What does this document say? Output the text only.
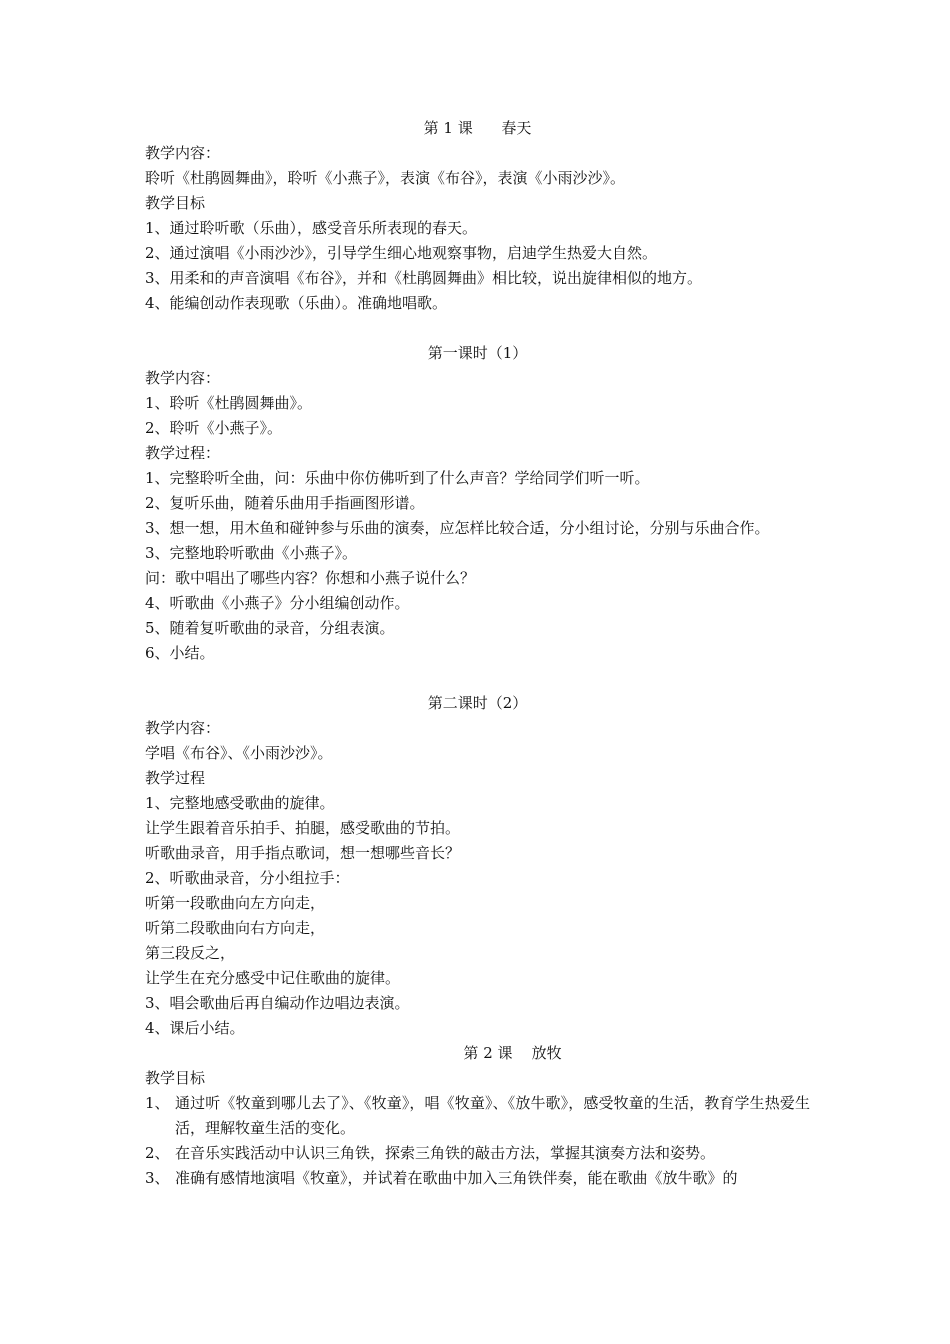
第 1 课      春天
教学内容：
聆听《杜鹃圆舞曲》，聆听《小燕子》，表演《布谷》，表演《小雨沙沙》。
教学目标
1、通过聆听歌（乐曲），感受音乐所表现的春天。
2、通过演唱《小雨沙沙》，引导学生细心地观察事物，启迪学生热爱大自然。
3、用柔和的声音演唱《布谷》，并和《杜鹃圆舞曲》相比较，说出旋律相似的地方。
4、能编创动作表现歌（乐曲）。准确地唱歌。
第一课时（1）
教学内容：
1、聆听《杜鹃圆舞曲》。
2、聆听《小燕子》。
教学过程：
1、完整聆听全曲，问：乐曲中你仿佛听到了什么声音？学给同学们听一听。
2、复听乐曲，随着乐曲用手指画图形谱。
3、想一想，用木鱼和碰钟参与乐曲的演奏，应怎样比较合适，分小组讨论，分别与乐曲合作。
3、完整地聆听歌曲《小燕子》。
问：歌中唱出了哪些内容？你想和小燕子说什么？
4、听歌曲《小燕子》分小组编创动作。
5、随着复听歌曲的录音，分组表演。
6、小结。
第二课时（2）
教学内容：
学唱《布谷》、《小雨沙沙》。
教学过程
1、完整地感受歌曲的旋律。
让学生跟着音乐拍手、拍腿，感受歌曲的节拍。
听歌曲录音，用手指点歌词，想一想哪些音长？
2、听歌曲录音，分小组拉手：
听第一段歌曲向左方向走，
听第二段歌曲向右方向走，
第三段反之，
让学生在充分感受中记住歌曲的旋律。
3、唱会歌曲后再自编动作边唱边表演。
4、课后小结。
第 2 课    放牧
教学目标
1、 通过听《牧童到哪儿去了》、《牧童》，唱《牧童》、《放牛歌》，感受牧童的生活，教育学生热爱生活，理解牧童生活的变化。
2、 在音乐实践活动中认识三角铁，探索三角铁的敲击方法，掌握其演奏方法和姿势。
3、 准确有感情地演唱《牧童》，并试着在歌曲中加入三角铁伴奏，能在歌曲《放牛歌》的
